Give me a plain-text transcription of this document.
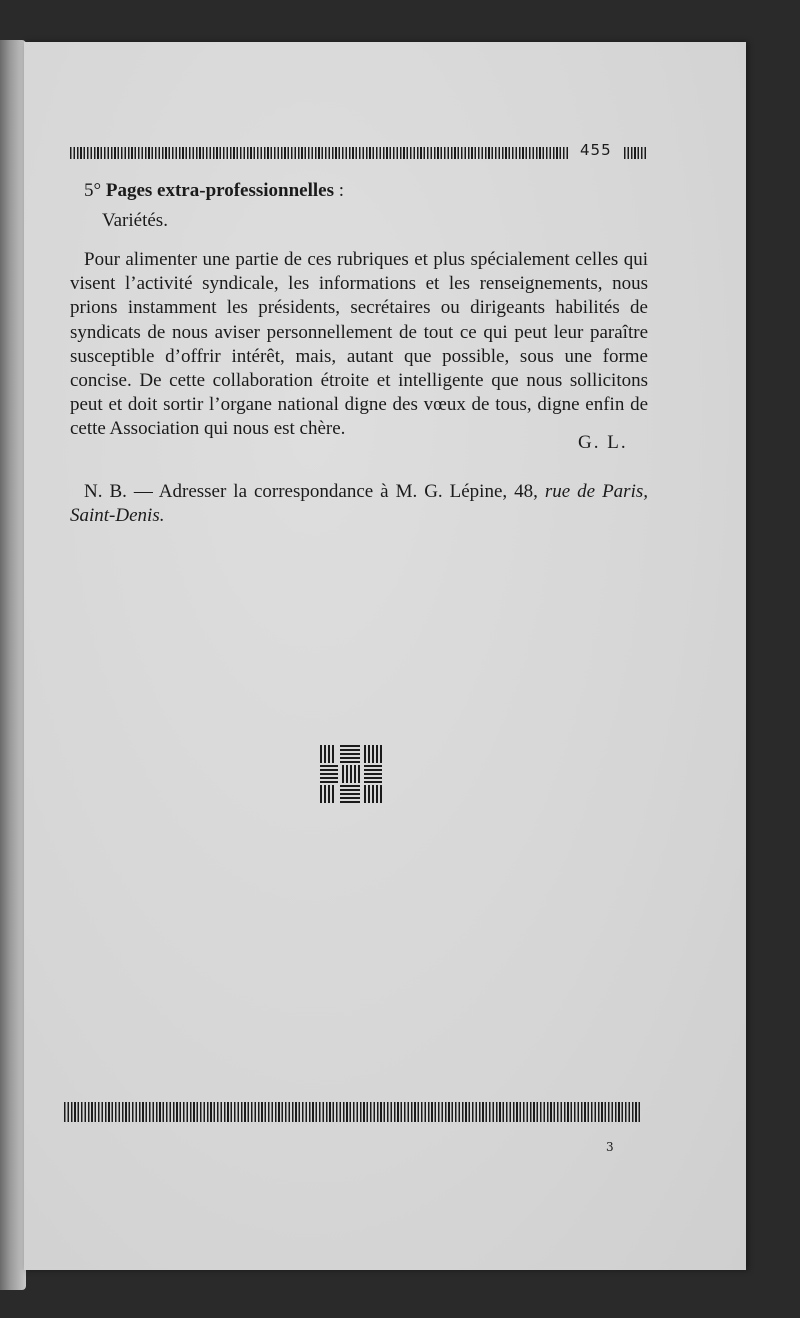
455
5° Pages extra-professionnelles :
Variétés.

Pour alimenter une partie de ces rubriques et plus spécialement celles qui visent l’activité syndicale, les informations et les renseignements, nous prions instamment les présidents, secrétaires ou dirigeants habilités de syndicats de nous aviser personnellement de tout ce qui peut leur paraître susceptible d’offrir intérêt, mais, autant que possible, sous une forme concise. De cette collaboration étroite et intelligente que nous sollicitons peut et doit sortir l’organe national digne des vœux de tous, digne enfin de cette Association qui nous est chère.

G. L.

N. B. — Adresser la correspondance à M. G. Lépine, 48, rue de Paris, Saint-Denis.

3
